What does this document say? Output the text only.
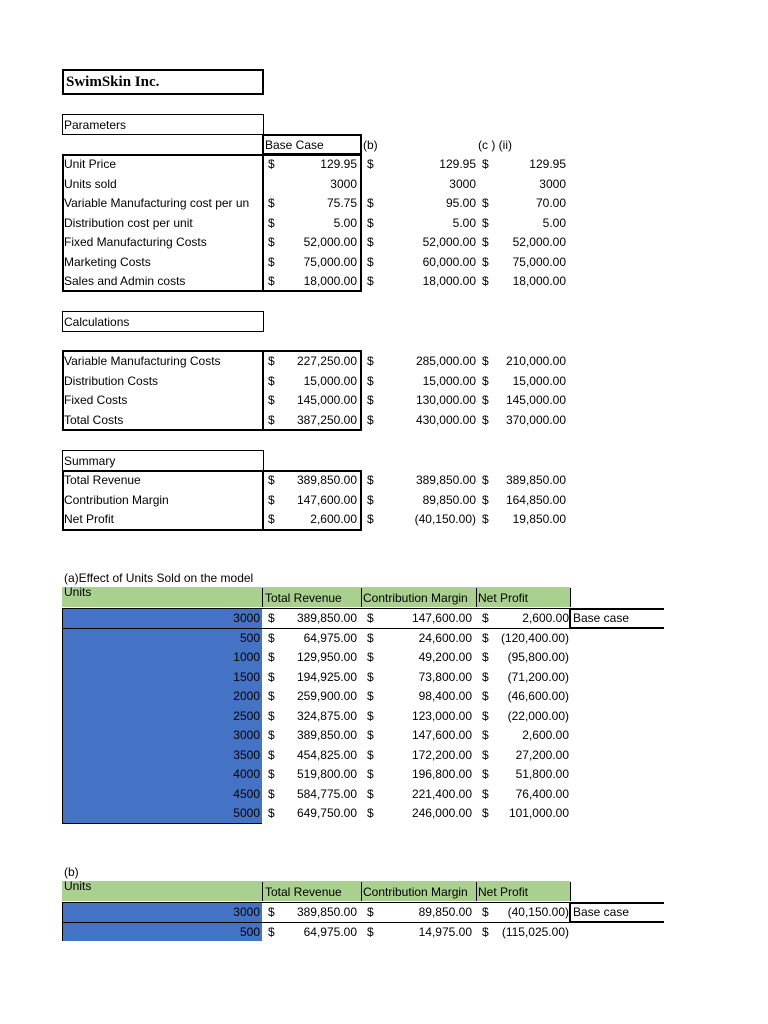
SwimSkin Inc.
Parameters
Base Case	(b)	(c ) (ii)
Unit Price	$	129.95 $	129.95 $	129.95
Units sold	3000	3000	3000
Variable Manufacturing cost per un $	75.75 $	95.00 $	70.00
Distribution cost per unit	$	5.00 $	5.00 $	5.00
Fixed Manufacturing Costs	$	52,000.00 $	52,000.00 $	52,000.00
Marketing Costs	$	75,000.00 $	60,000.00 $	75,000.00
Sales and Admin costs	$	18,000.00 $	18,000.00 $	18,000.00
Calculations
Variable Manufacturing Costs	$	227,250.00 $	285,000.00 $	210,000.00
Distribution Costs	$	15,000.00 $	15,000.00 $	15,000.00
Fixed Costs	$	145,000.00 $	130,000.00 $	145,000.00
Total Costs	$	387,250.00 $	430,000.00 $	370,000.00
Summary
Total Revenue	$	389,850.00 $	389,850.00 $	389,850.00
Contribution Margin	$	147,600.00 $	89,850.00 $	164,850.00
Net Profit	$	2,600.00 $	(40,150.00) $	19,850.00
(a)Effect of Units Sold on the model
Units	Total Revenue Contribution Margin Net Profit
Base case
3000 $	389,850.00 $	147,600.00 $	2,600.00
500 $	64,975.00 $	24,600.00 $	(120,400.00)
1000 $	129,950.00 $	49,200.00 $	(95,800.00)
1500 $	194,925.00 $	73,800.00 $	(71,200.00)
2000 $	259,900.00 $	98,400.00 $	(46,600.00)
2500 $	324,875.00 $	123,000.00 $	(22,000.00)
3000 $	389,850.00 $	147,600.00 $	2,600.00
3500 $	454,825.00 $	172,200.00 $	27,200.00
4000 $	519,800.00 $	196,800.00 $	51,800.00
4500 $	584,775.00 $	221,400.00 $	76,400.00
5000 $	649,750.00 $	246,000.00 $	101,000.00
(b)
Units	Total Revenue Contribution Margin Net Profit
Base case
3000 $	389,850.00 $	89,850.00 $	(40,150.00)
500 $	64,975.00 $	14,975.00 $	(115,025.00)
